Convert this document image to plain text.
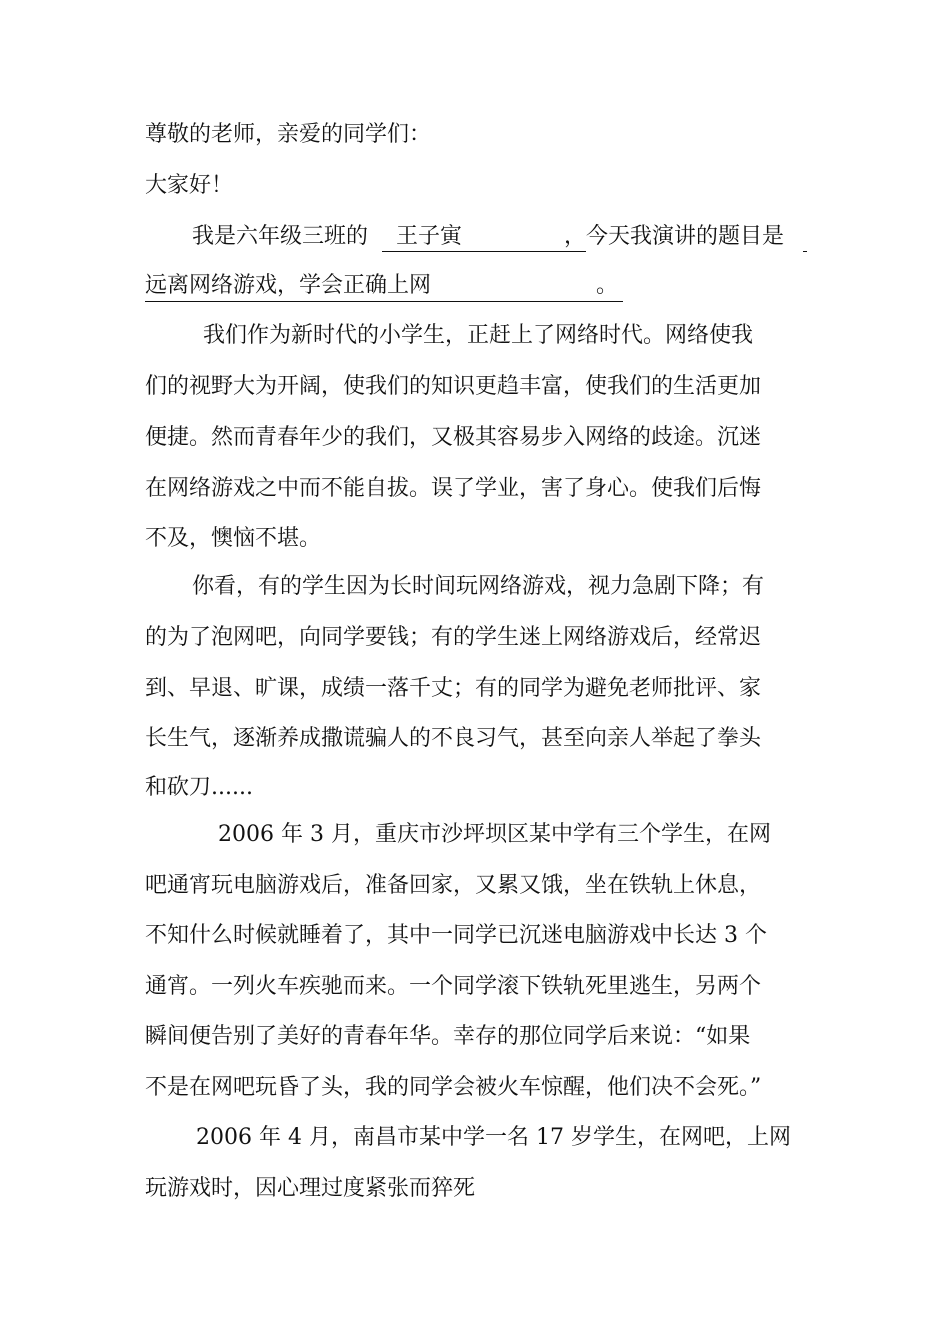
尊敬的老师，亲爱的同学们：
大家好！
我是六年级三班的 王子寅	，今天我演讲的题目是
远离网络游戏，学会正确上网	。
我们作为新时代的小学生，正赶上了网络时代。网络使我
们的视野大为开阔，使我们的知识更趋丰富，使我们的生活更加
便捷。然而青春年少的我们，又极其容易步入网络的歧途。沉迷
在网络游戏之中而不能自拔。误了学业，害了身心。使我们后悔
不及，懊恼不堪。
你看，有的学生因为长时间玩网络游戏，视力急剧下降；有
的为了泡网吧，向同学要钱；有的学生迷上网络游戏后，经常迟
到、早退、旷课，成绩一落千丈；有的同学为避免老师批评、家
长生气，逐渐养成撒谎骗人的不良习气，甚至向亲人举起了拳头
和砍刀......
2006 年 3 月，重庆市沙坪坝区某中学有三个学生，在网
吧通宵玩电脑游戏后，准备回家，又累又饿，坐在铁轨上休息，
不知什么时候就睡着了，其中一同学已沉迷电脑游戏中长达 3 个
通宵。一列火车疾驰而来。一个同学滚下铁轨死里逃生，另两个
瞬间便告别了美好的青春年华。幸存的那位同学后来说：“如果
不是在网吧玩昏了头，我的同学会被火车惊醒，他们决不会死。”
2006 年 4 月，南昌市某中学一名 17 岁学生，在网吧，上网
玩游戏时，因心理过度紧张而猝死
